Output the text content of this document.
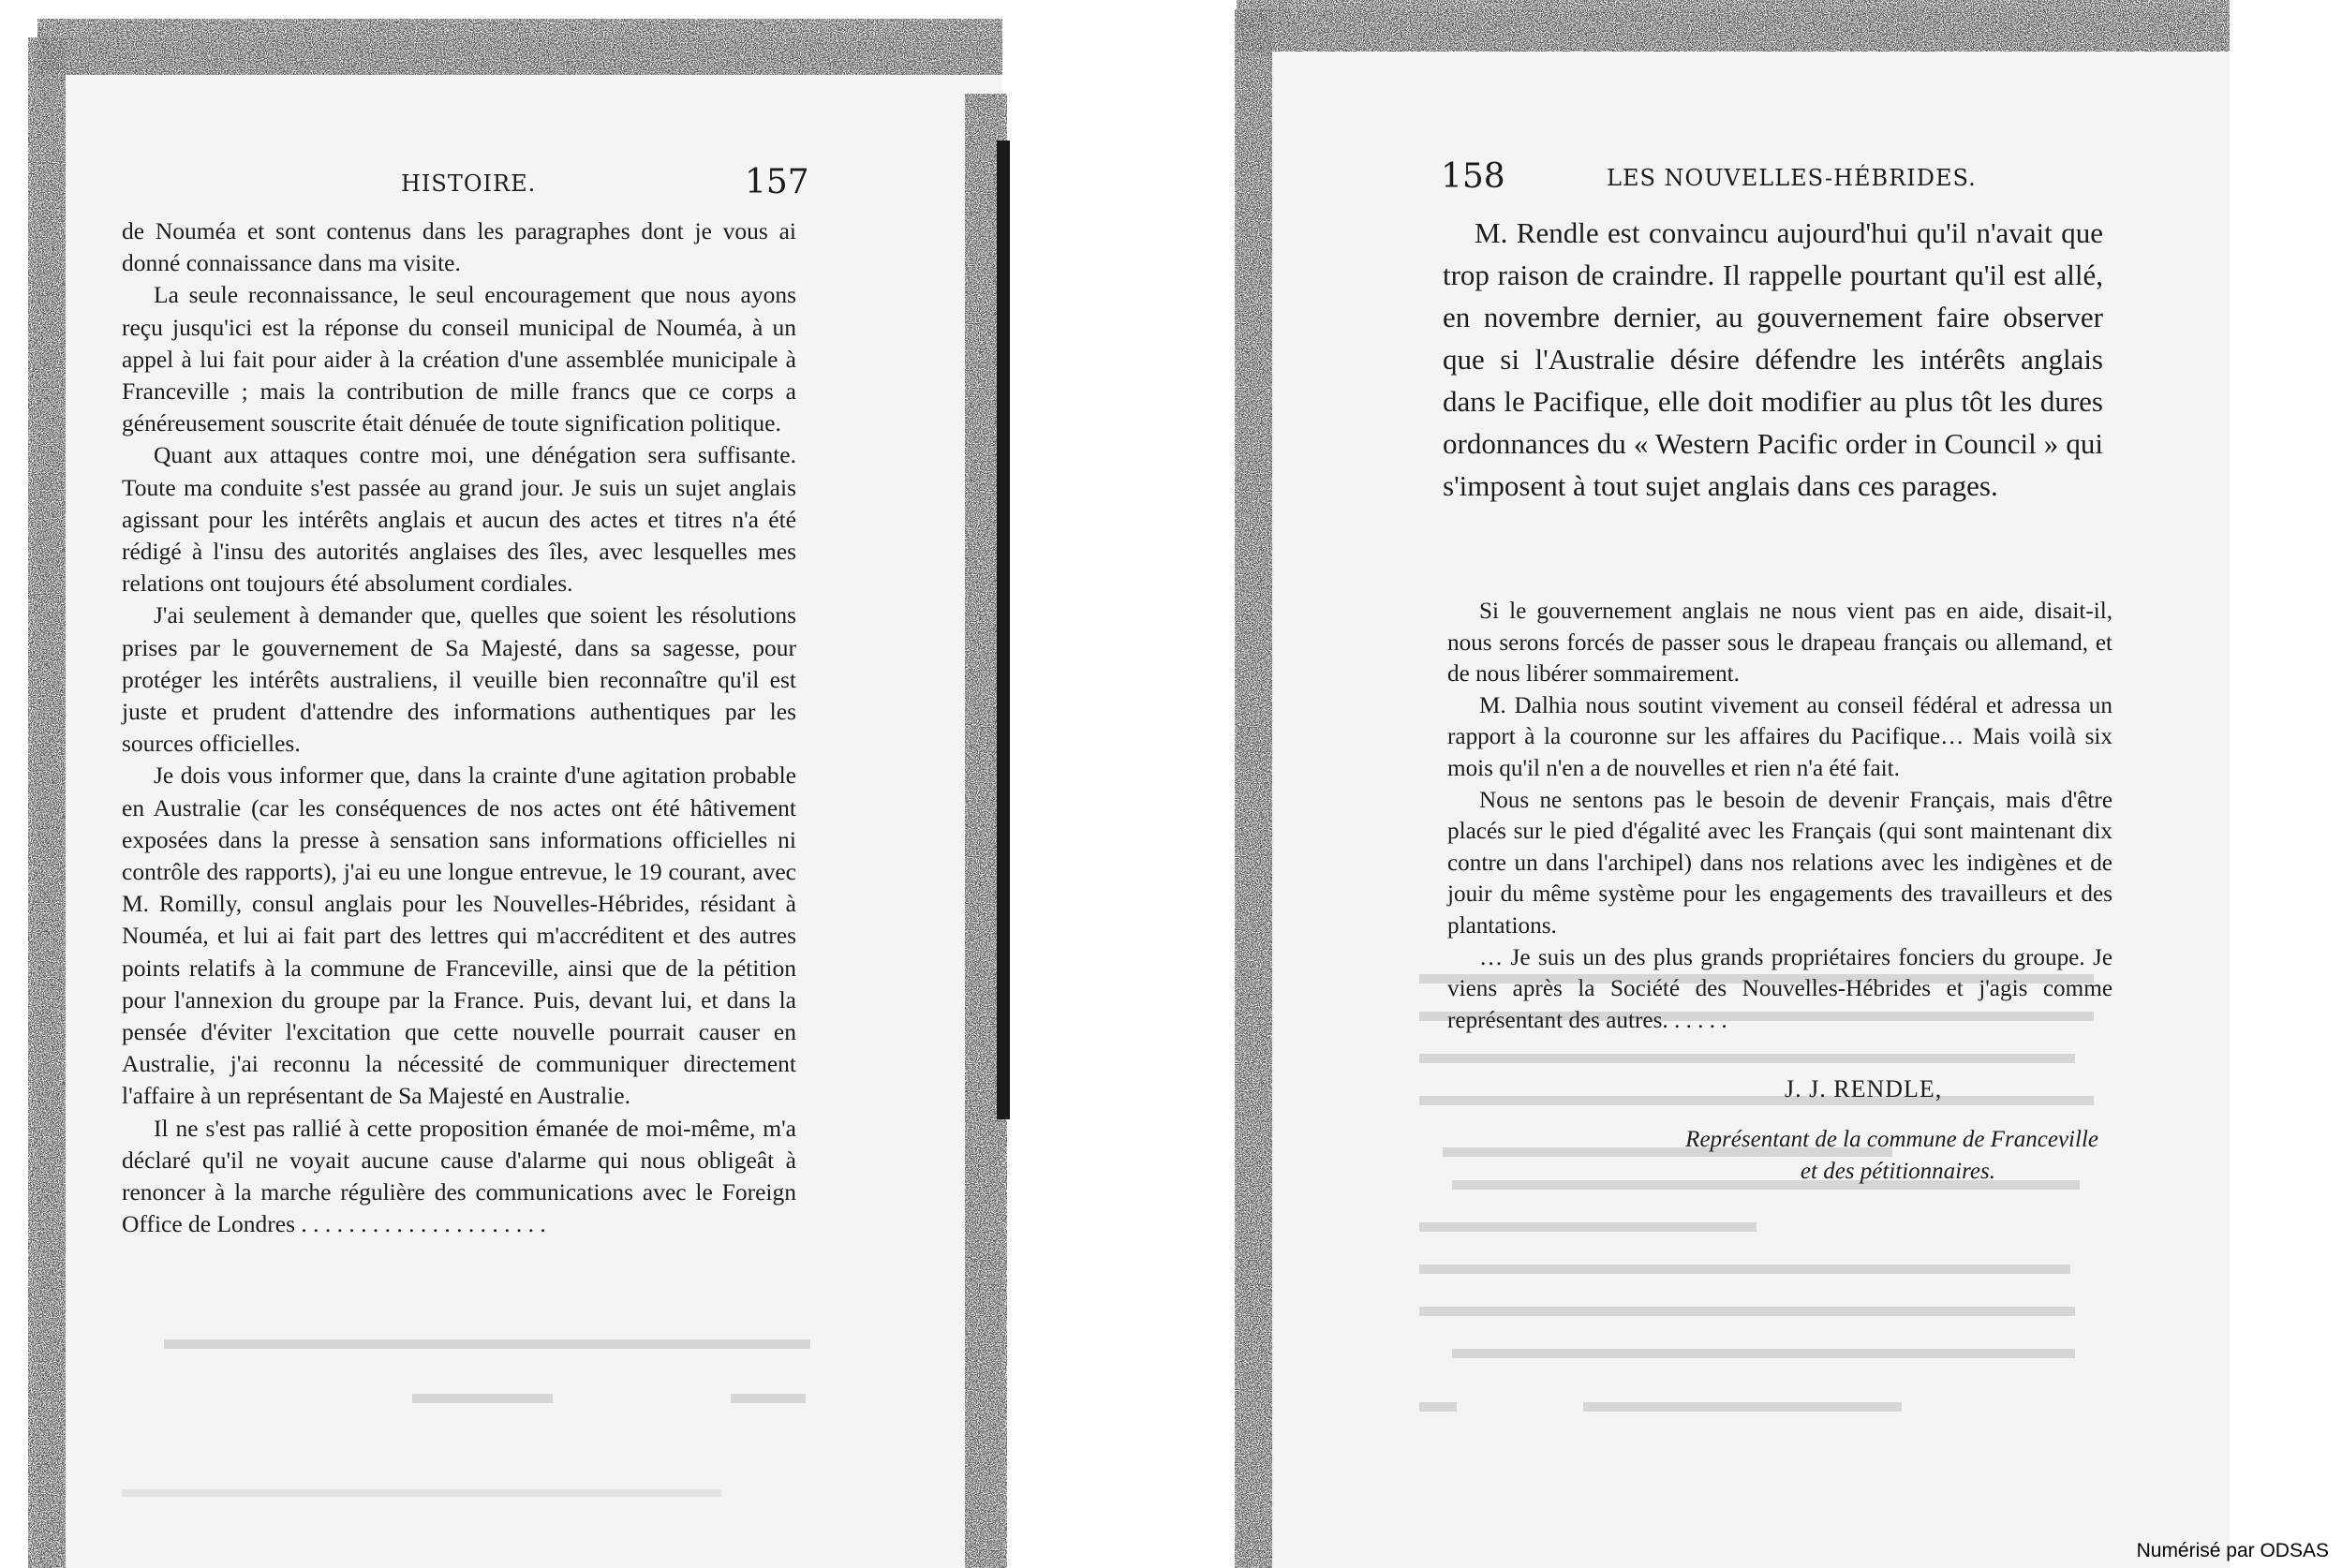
HISTOIRE.	157

de Nouméa et sont contenus dans les paragraphes dont je vous ai donné connaissance dans ma visite.

La seule reconnaissance, le seul encouragement que nous ayons reçu jusqu'ici est la réponse du conseil municipal de Nouméa, à un appel à lui fait pour aider à la création d'une assemblée municipale à Franceville ; mais la contribution de mille francs que ce corps a généreusement souscrite était dénuée de toute signification politique.

Quant aux attaques contre moi, une dénégation sera suffisante. Toute ma conduite s'est passée au grand jour. Je suis un sujet anglais agissant pour les intérêts anglais et aucun des actes et titres n'a été rédigé à l'insu des autorités anglaises des îles, avec lesquelles mes relations ont toujours été absolument cordiales.

J'ai seulement à demander que, quelles que soient les résolutions prises par le gouvernement de Sa Majesté, dans sa sagesse, pour protéger les intérêts australiens, il veuille bien reconnaître qu'il est juste et prudent d'attendre des informations authentiques par les sources officielles.

Je dois vous informer que, dans la crainte d'une agitation probable en Australie (car les conséquences de nos actes ont été hâtivement exposées dans la presse à sensation sans informations officielles ni contrôle des rapports), j'ai eu une longue entrevue, le 19 courant, avec M. Romilly, consul anglais pour les Nouvelles-Hébrides, résidant à Nouméa, et lui ai fait part des lettres qui m'accréditent et des autres points relatifs à la commune de Franceville, ainsi que de la pétition pour l'annexion du groupe par la France. Puis, devant lui, et dans la pensée d'éviter l'excitation que cette nouvelle pourrait causer en Australie, j'ai reconnu la nécessité de communiquer directement l'affaire à un représentant de Sa Majesté en Australie.

Il ne s'est pas rallié à cette proposition émanée de moi-même, m'a déclaré qu'il ne voyait aucune cause d'alarme qui nous obligeât à renoncer à la marche régulière des communications avec le Foreign Office de Londres . . . . . . . . . . . . . . . . . . . . .

158	LES NOUVELLES-HÉBRIDES.

M. Rendle est convaincu aujourd'hui qu'il n'avait que trop raison de craindre. Il rappelle pourtant qu'il est allé, en novembre dernier, au gouvernement faire observer que si l'Australie désire défendre les intérêts anglais dans le Pacifique, elle doit modifier au plus tôt les dures ordonnances du « Western Pacific order in Council » qui s'imposent à tout sujet anglais dans ces parages.

Si le gouvernement anglais ne nous vient pas en aide, disait-il, nous serons forcés de passer sous le drapeau français ou allemand, et de nous libérer sommairement.

M. Dalhia nous soutint vivement au conseil fédéral et adressa un rapport à la couronne sur les affaires du Pacifique… Mais voilà six mois qu'il n'en a de nouvelles et rien n'a été fait.

Nous ne sentons pas le besoin de devenir Français, mais d'être placés sur le pied d'égalité avec les Français (qui sont maintenant dix contre un dans l'archipel) dans nos relations avec les indigènes et de jouir du même système pour les engagements des travailleurs et des plantations.

… Je suis un des plus grands propriétaires fonciers du groupe. Je viens après la Société des Nouvelles-Hébrides et j'agis comme représentant des autres. . . . . .

J. J. RENDLE,
Représentant de la commune de Franceville
et des pétitionnaires.
Numérisé par ODSAS
